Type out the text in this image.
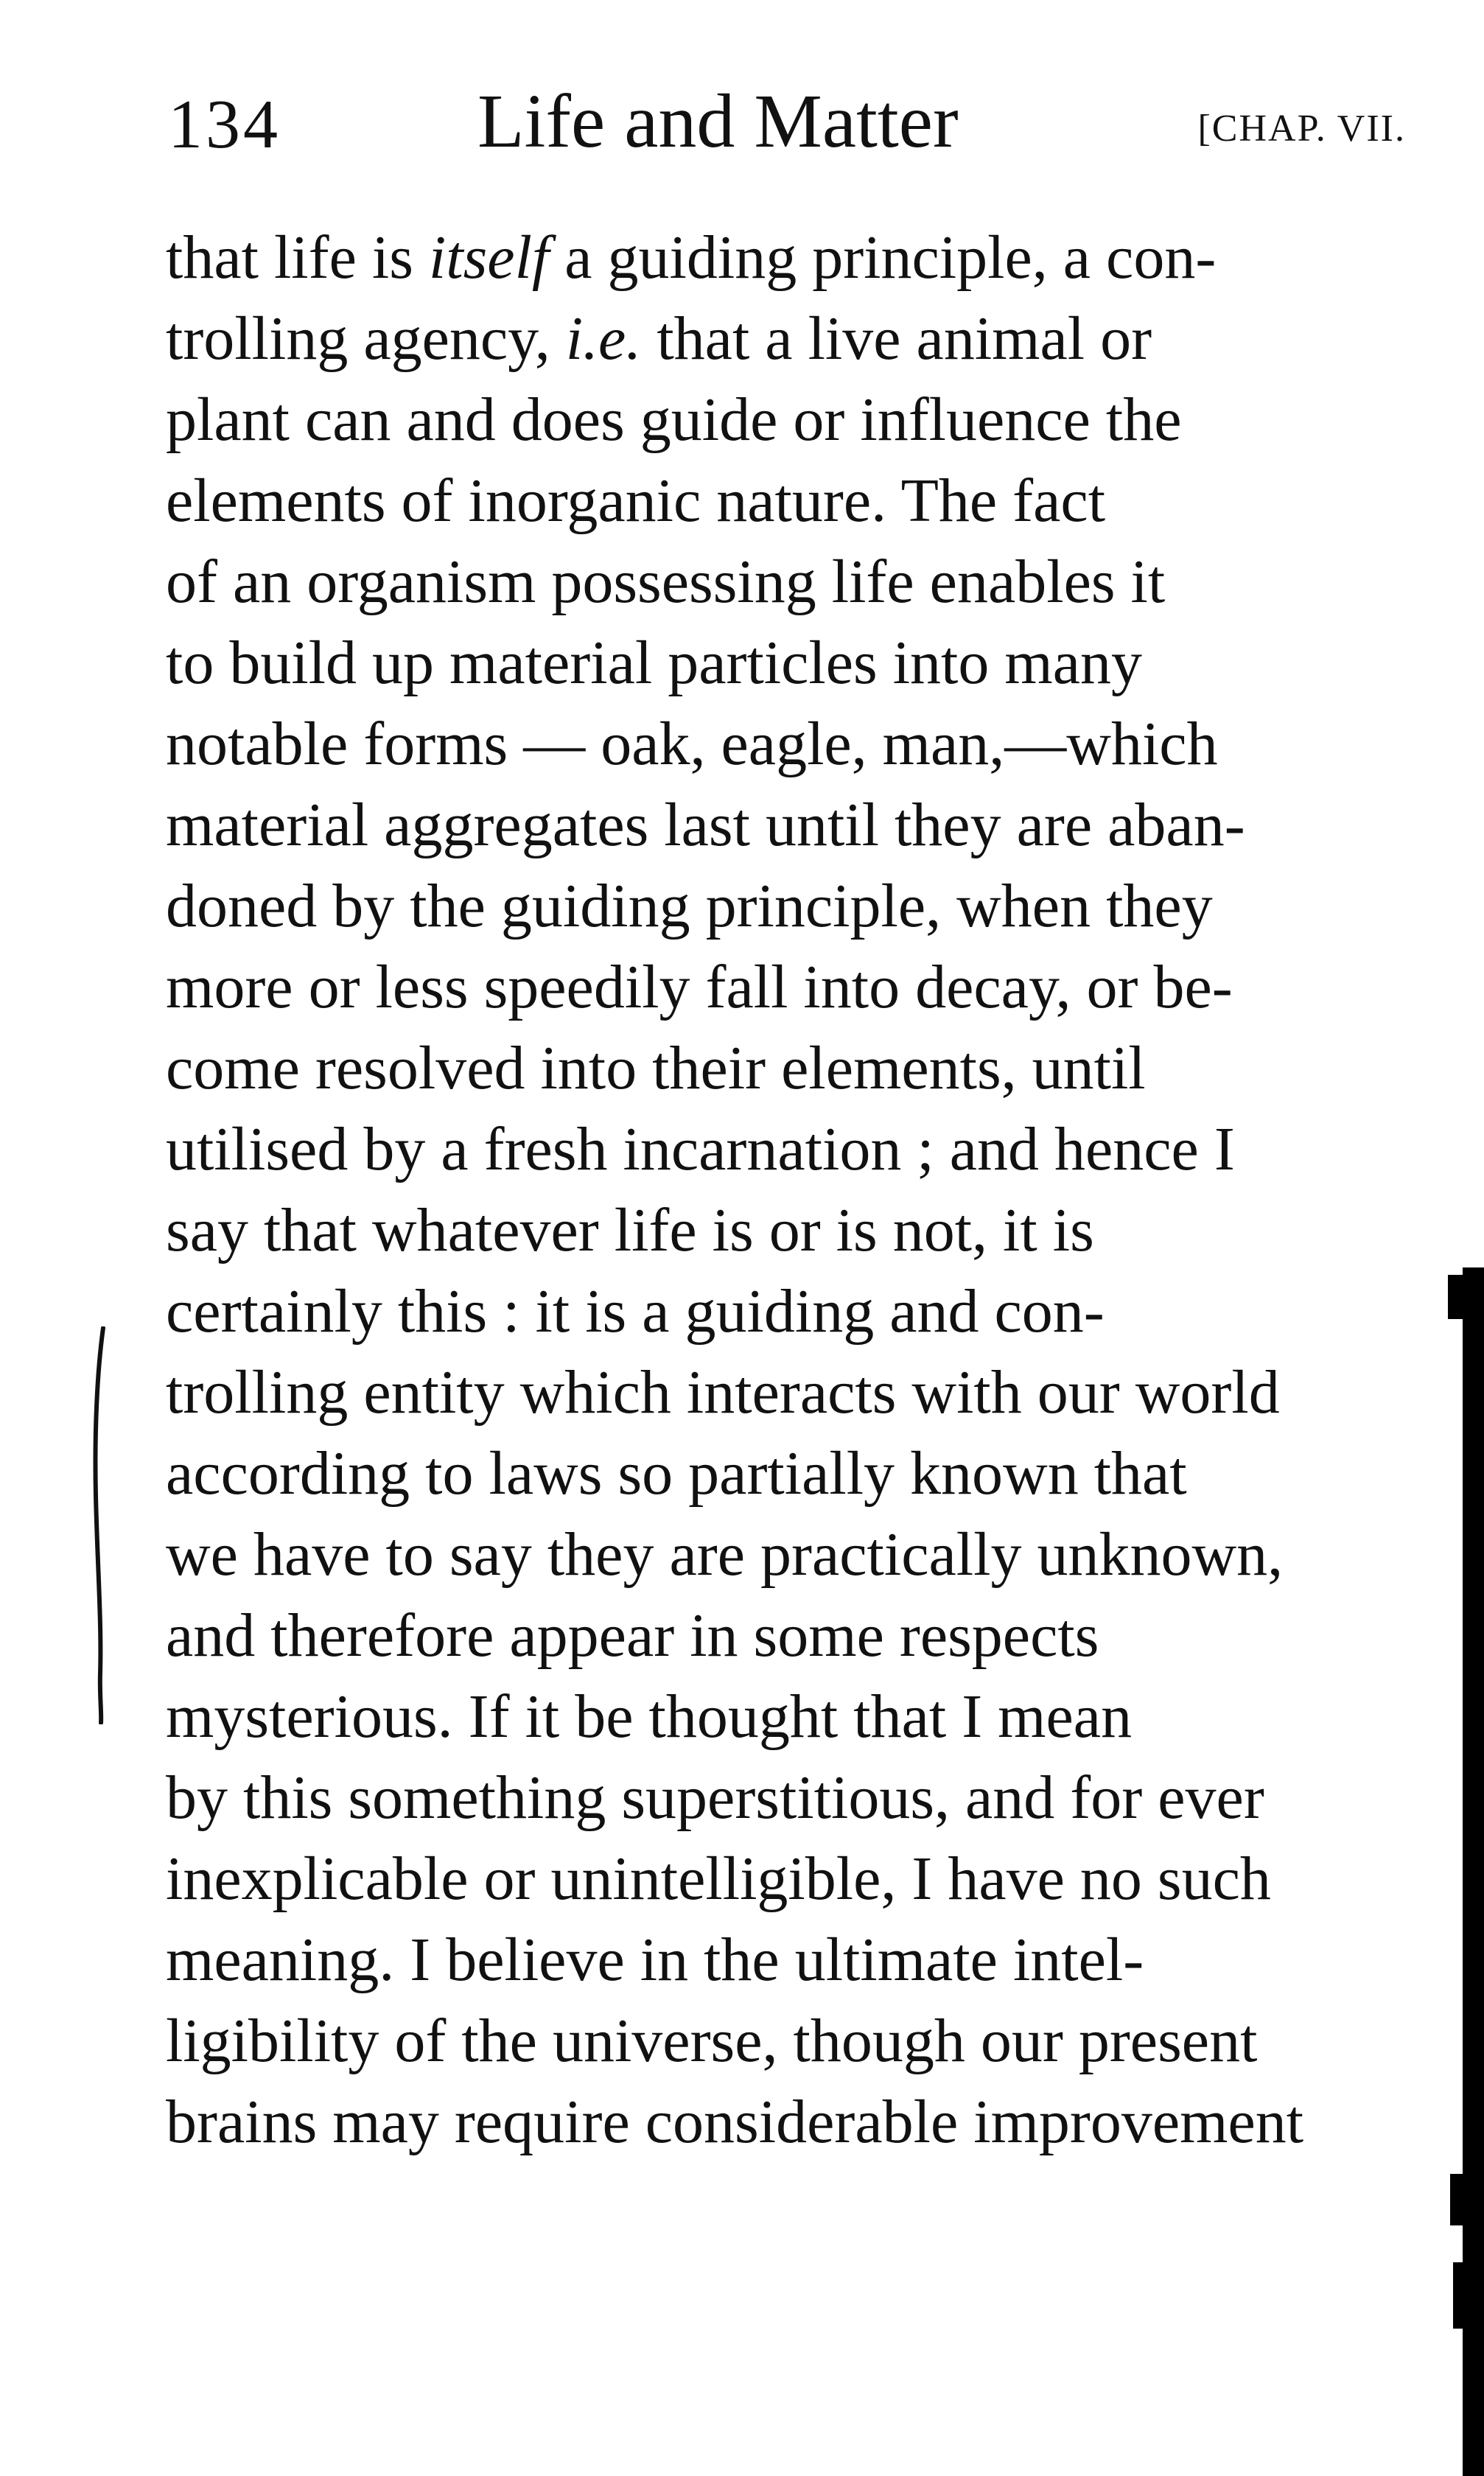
134	Life and Matter	[CHAP. VII.
that life is itself a guiding principle, a con-
trolling agency, i.e. that a live animal or
plant can and does guide or influence the
elements of inorganic nature. The fact
of an organism possessing life enables it
to build up material particles into many
notable forms — oak, eagle, man,—which
material aggregates last until they are aban-
doned by the guiding principle, when they
more or less speedily fall into decay, or be-
come resolved into their elements, until
utilised by a fresh incarnation ; and hence I
say that whatever life is or is not, it is
certainly this : it is a guiding and con-
trolling entity which interacts with our world
according to laws so partially known that
we have to say they are practically unknown,
and therefore appear in some respects
mysterious. If it be thought that I mean
by this something superstitious, and for ever
inexplicable or unintelligible, I have no such
meaning. I believe in the ultimate intel-
ligibility of the universe, though our present
brains may require considerable improvement
